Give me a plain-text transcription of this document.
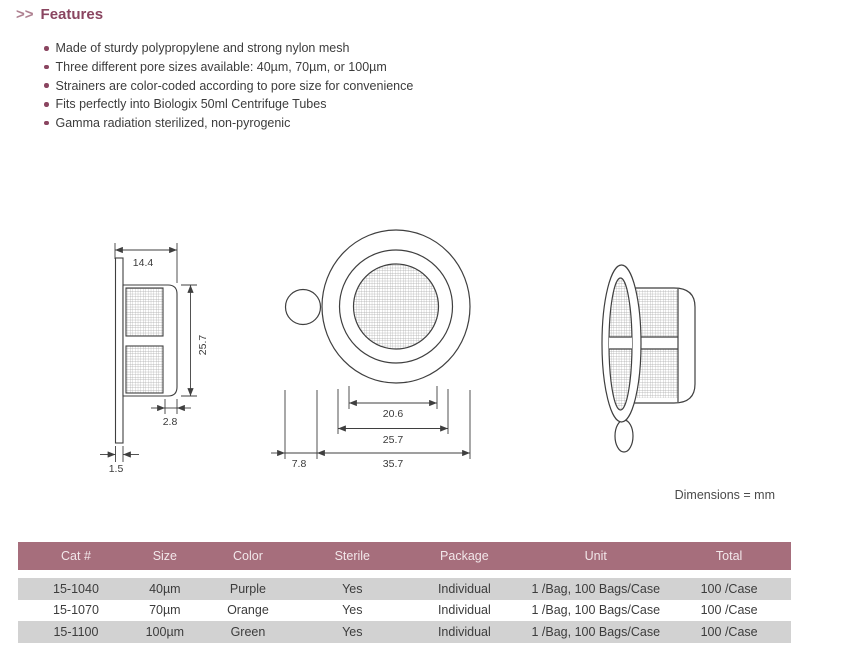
>> Features
Made of sturdy polypropylene and strong nylon mesh
Three different pore sizes available: 40µm, 70µm, or 100µm
Strainers are color-coded according to pore size for convenience
Fits perfectly into Biologix 50ml Centrifuge Tubes
Gamma radiation sterilized, non-pyrogenic
14.4
25.7
2.8
1.5
20.6
25.7
7.8	35.7
Dimensions = mm
Cat #	Size	Color	Sterile	Package	Unit	Total
15-1040	40µm	Purple	Yes	Individual	1 /Bag, 100 Bags/Case	100 /Case
15-1070	70µm	Orange	Yes	Individual	1 /Bag, 100 Bags/Case	100 /Case
15-1100	100µm	Green	Yes	Individual	1 /Bag, 100 Bags/Case	100 /Case
